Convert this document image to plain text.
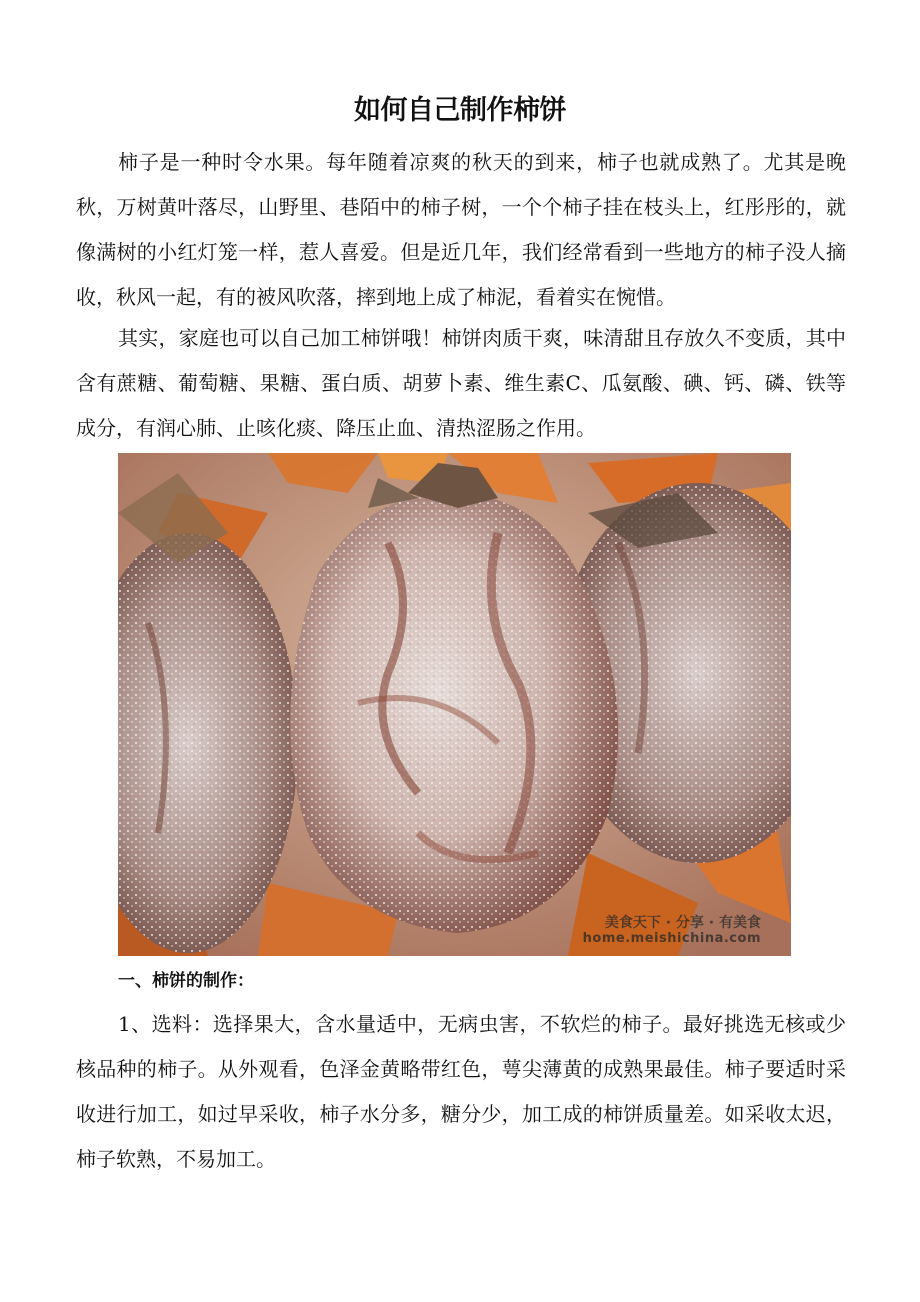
如何自己制作柿饼

柿子是一种时令水果。每年随着凉爽的秋天的到来，柿子也就成熟了。尤其是晚秋，万树黄叶落尽，山野里、巷陌中的柿子树，一个个柿子挂在枝头上，红彤彤的，就像满树的小红灯笼一样，惹人喜爱。但是近几年，我们经常看到一些地方的柿子没人摘收，秋风一起，有的被风吹落，摔到地上成了柿泥，看着实在惋惜。

其实，家庭也可以自己加工柿饼哦！柿饼肉质干爽，味清甜且存放久不变质，其中含有蔗糖、葡萄糖、果糖、蛋白质、胡萝卜素、维生素C、瓜氨酸、碘、钙、磷、铁等成分，有润心肺、止咳化痰、降压止血、清热涩肠之作用。

美食天下 · 分享 · 有美食
home.meishichina.com
一、柿饼的制作：

1、选料：选择果大，含水量适中，无病虫害，不软烂的柿子。最好挑选无核或少核品种的柿子。从外观看，色泽金黄略带红色，萼尖薄黄的成熟果最佳。柿子要适时采收进行加工，如过早采收，柿子水分多，糖分少，加工成的柿饼质量差。如采收太迟，柿子软熟，不易加工。
